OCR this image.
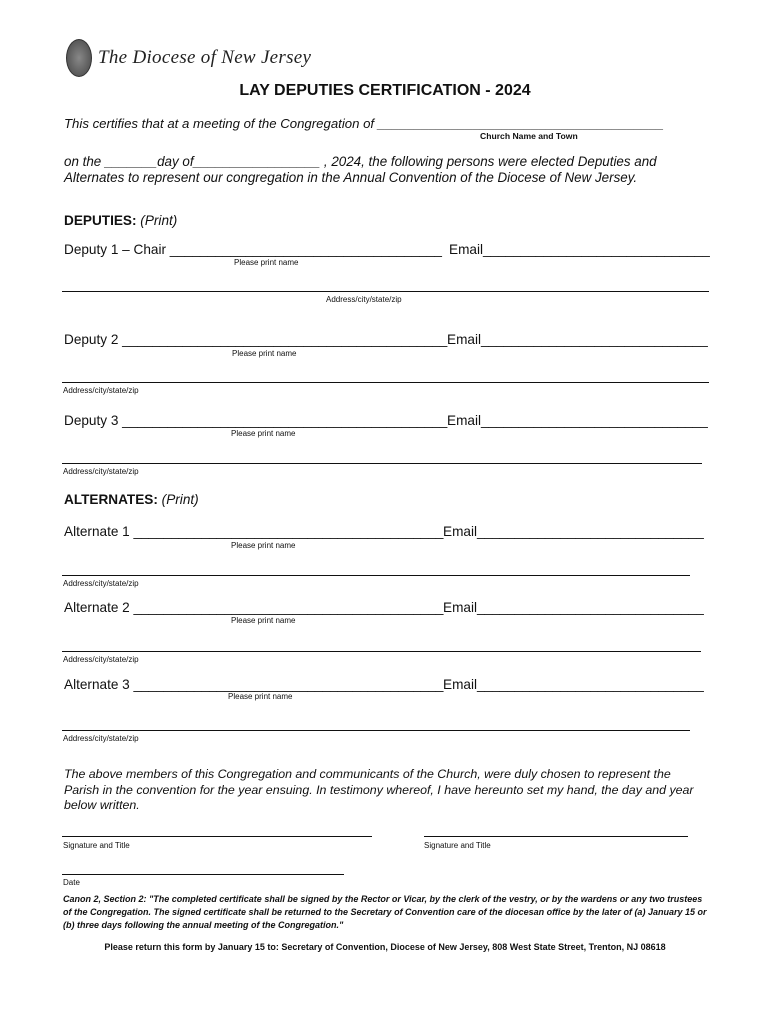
The Diocese of New Jersey
LAY DEPUTIES CERTIFICATION - 2024
This certifies that at a meeting of the Congregation of _______________________________________
Church Name and Town
on the _______day of_________________ , 2024, the following persons were elected Deputies and
Alternates to represent our congregation in the Annual Convention of the Diocese of New Jersey.
DEPUTIES: (Print)
Deputy 1 – Chair ____________________________________ Email______________________________
Please print name
Address/city/state/zip
Deputy 2 ___________________________________________ Email______________________________
Please print name
Address/city/state/zip
Deputy 3 ___________________________________________ Email______________________________
Please print name
Address/city/state/zip
ALTERNATES: (Print)
Alternate 1 _________________________________________ Email______________________________
Please print name
Address/city/state/zip
Alternate 2 _________________________________________ Email______________________________
Please print name
Address/city/state/zip
Alternate 3 _________________________________________ Email______________________________
Please print name
Address/city/state/zip
The above members of this Congregation and communicants of the Church, were duly chosen to represent the
Parish in the convention for the year ensuing. In testimony whereof, I have hereunto set my hand, the day and year
below written.
Signature and Title	Signature and Title
Date
Canon 2, Section 2: "The completed certificate shall be signed by the Rector or Vicar, by the clerk of the vestry, or by the wardens or any two trustees of the Congregation. The signed certificate shall be returned to the Secretary of Convention care of the diocesan office by the later of (a) January 15 or (b) three days following the annual meeting of the Congregation."
Please return this form by January 15 to: Secretary of Convention, Diocese of New Jersey, 808 West State Street, Trenton, NJ 08618
